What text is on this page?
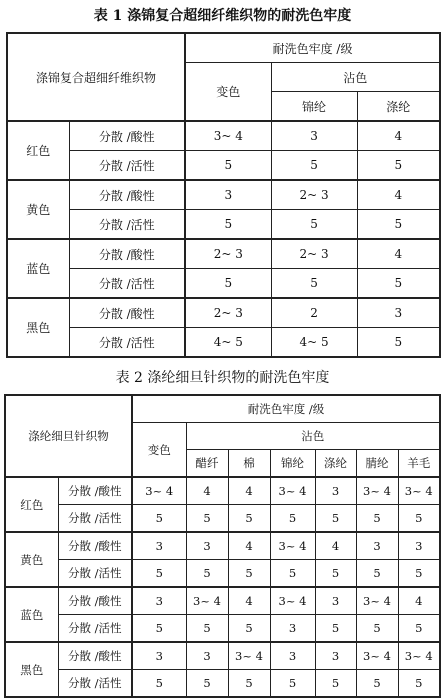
表 1 涤锦复合超细纤维织物的耐洗色牢度
涤锦复合超细纤维织物		耐洗色牢度 /级		
		变色	沾色	
			锦纶	涤纶
红色	分散 /酸性	3~ 4	3	4
	分散 /活性	5	5	5
黄色	分散 /酸性	3	2~ 3	4
	分散 /活性	5	5	5
蓝色	分散 /酸性	2~ 3	2~ 3	4
	分散 /活性	5	5	5
黑色	分散 /酸性	2~ 3	2	3
	分散 /活性	4~ 5	4~ 5	5
表 2 涤纶细旦针织物的耐洗色牢度
涤纶细旦针织物		耐洗色牢度 /级						
		变色	沾色					
			醋纤	棉	锦纶	涤纶	腈纶	羊毛
红色	分散 /酸性	3~ 4	4	4	3~ 4	3	3~ 4	3~ 4
	分散 /活性	5	5	5	5	5	5	5
黄色	分散 /酸性	3	3	4	3~ 4	4	3	3
	分散 /活性	5	5	5	5	5	5	5
蓝色	分散 /酸性	3	3~ 4	4	3~ 4	3	3~ 4	4
	分散 /活性	5	5	5	3	5	5	5
黑色	分散 /酸性	3	3	3~ 4	3	3	3~ 4	3~ 4
	分散 /活性	5	5	5	5	5	5	5
